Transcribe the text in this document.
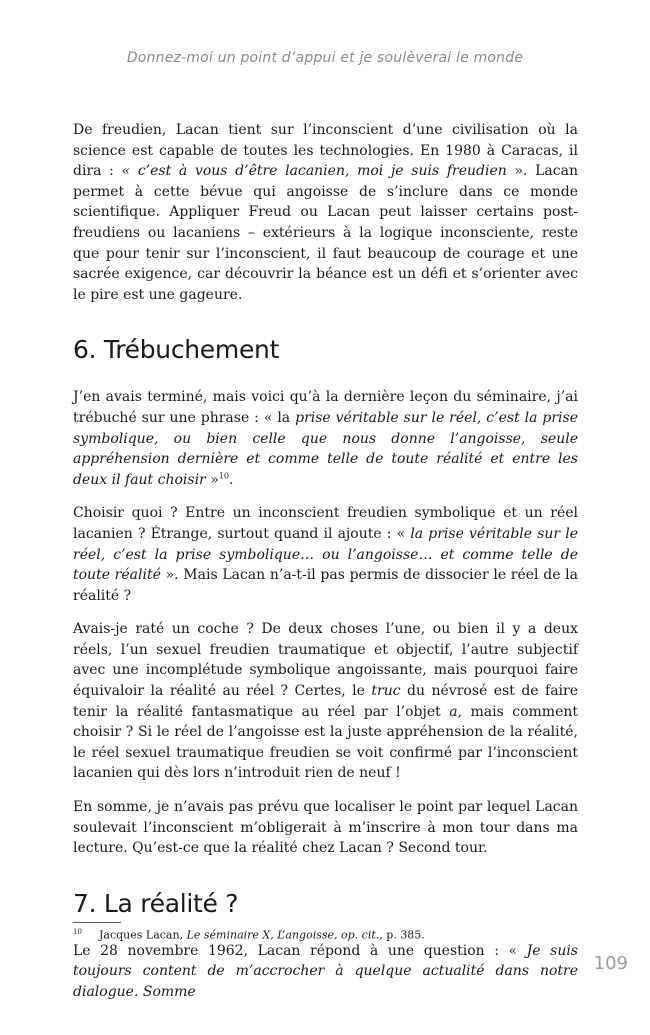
Donnez-moi un point d’appui et je soulèverai le monde

De freudien, Lacan tient sur l’inconscient d’une civilisation où la science est capable de toutes les technologies. En 1980 à Caracas, il dira : « c’est à vous d’être lacanien, moi je suis freudien ». Lacan permet à cette bévue qui angoisse de s’inclure dans ce monde scientifique. Appliquer Freud ou Lacan peut laisser certains post- freudiens ou lacaniens – extérieurs à la logique inconsciente, reste que pour tenir sur l’inconscient, il faut beaucoup de courage et une sacrée exigence, car découvrir la béance est un défi et s’orienter avec le pire est une gageure.

6. Trébuchement

J’en avais terminé, mais voici qu’à la dernière leçon du séminaire, j’ai trébuché sur une phrase : « la prise véritable sur le réel, c’est la prise symbolique, ou bien celle que nous donne l’angoisse, seule appréhension dernière et comme telle de toute réalité et entre les deux il faut choisir »$^{10}$.

Choisir quoi ? Entre un inconscient freudien symbolique et un réel lacanien ? Étrange, surtout quand il ajoute : « la prise véritable sur le réel, c’est la prise symbolique… ou l’angoisse… et comme telle de toute réalité ». Mais Lacan n’a-t-il pas permis de dissocier le réel de la réalité ?

Avais-je raté un coche ? De deux choses l’une, ou bien il y a deux réels, l’un sexuel freudien traumatique et objectif, l’autre subjectif avec une incomplétude symbolique angoissante, mais pourquoi faire équivaloir la réalité au réel ? Certes, le truc du névrosé est de faire tenir la réalité fantasmatique au réel par l’objet a, mais comment choisir ? Si le réel de l’angoisse est la juste appréhension de la réalité, le réel sexuel traumatique freudien se voit confirmé par l’inconscient lacanien qui dès lors n’introduit rien de neuf !

En somme, je n’avais pas prévu que localiser le point par lequel Lacan soulevait l’inconscient m’obligerait à m’inscrire à mon tour dans ma lecture. Qu’est-ce que la réalité chez Lacan ? Second tour.

7. La réalité ?

Le 28 novembre 1962, Lacan répond à une question : « Je suis toujours content de m’accrocher à quelque actualité dans notre dialogue. Somme

10 Jacques Lacan, Le séminaire X, L’angoisse, op. cit., p. 385.
109
